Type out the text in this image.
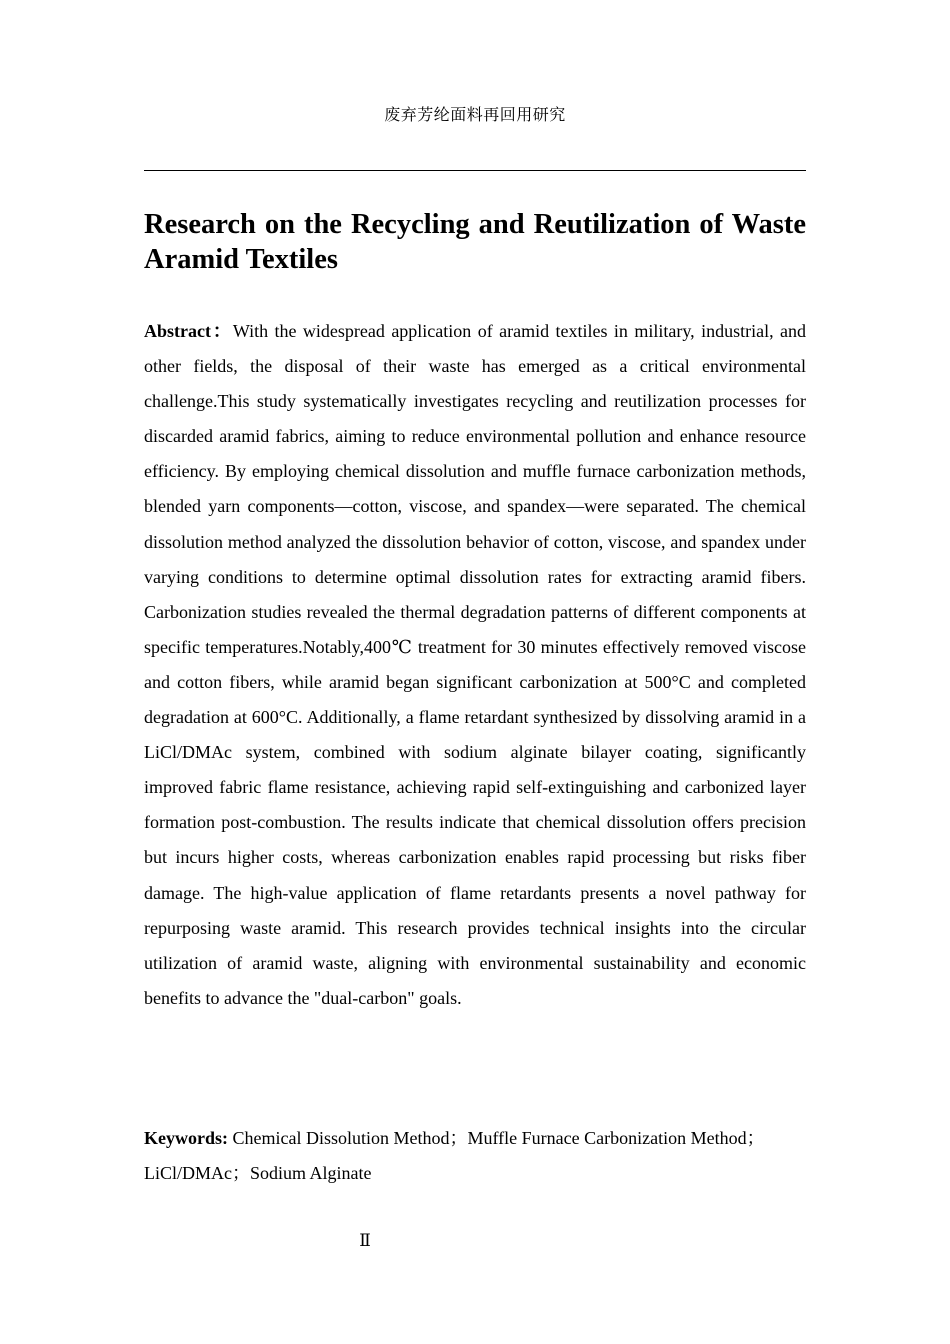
废弃芳纶面料再回用研究
Research on the Recycling and Reutilization of Waste Aramid Textiles

Abstract：With the widespread application of aramid textiles in military, industrial, and other fields, the disposal of their waste has emerged as a critical environmental challenge.This study systematically investigates recycling and reutilization processes for discarded aramid fabrics, aiming to reduce environmental pollution and enhance resource efficiency. By employing chemical dissolution and muffle furnace carbonization methods, blended yarn components—cotton, viscose, and spandex—were separated. The chemical dissolution method analyzed the dissolution behavior of cotton, viscose, and spandex under varying conditions to determine optimal dissolution rates for extracting aramid fibers. Carbonization studies revealed the thermal degradation patterns of different components at specific temperatures.Notably,400℃ treatment for 30 minutes effectively removed viscose and cotton fibers, while aramid began significant carbonization at 500°C and completed degradation at 600°C. Additionally, a flame retardant synthesized by dissolving aramid in a LiCl/DMAc system, combined with sodium alginate bilayer coating, significantly improved fabric flame resistance, achieving rapid self-extinguishing and carbonized layer formation post-combustion. The results indicate that chemical dissolution offers precision but incurs higher costs, whereas carbonization enables rapid processing but risks fiber damage. The high-value application of flame retardants presents a novel pathway for repurposing waste aramid. This research provides technical insights into the circular utilization of aramid waste, aligning with environmental sustainability and economic benefits to advance the "dual-carbon" goals.

Keywords: Chemical Dissolution Method；Muffle Furnace Carbonization Method；LiCl/DMAc；Sodium Alginate

Ⅱ
